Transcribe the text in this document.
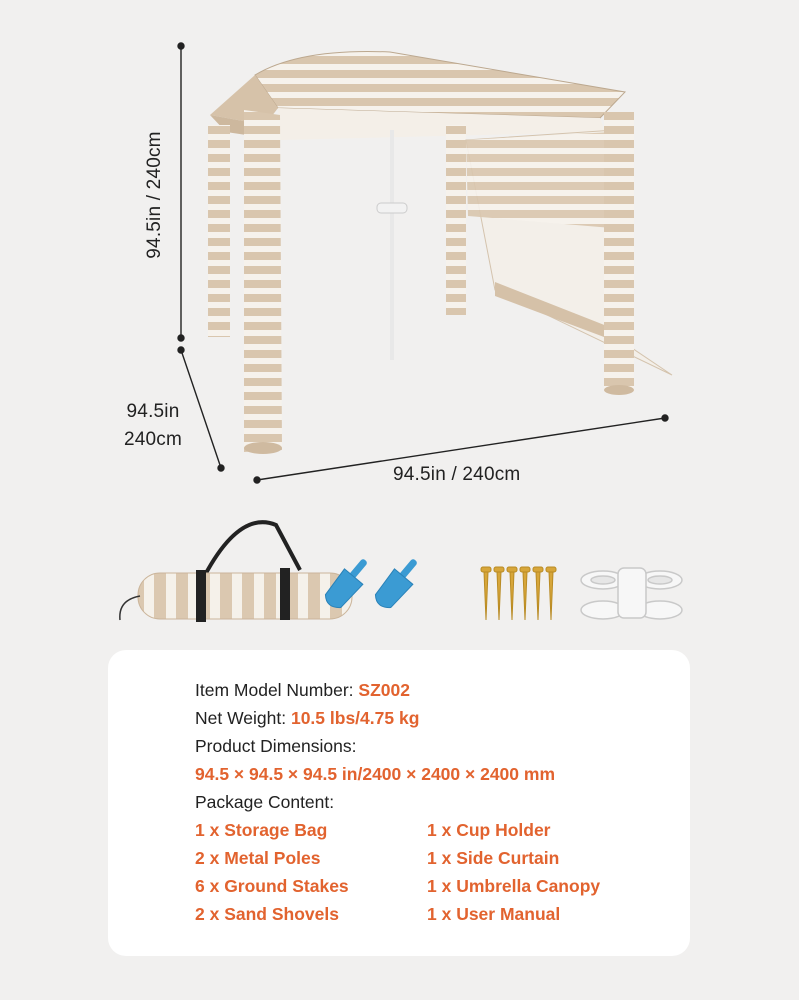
94.5in / 240cm
94.5in
240cm
94.5in / 240cm
Item Model Number: SZ002
Net Weight: 10.5 lbs/4.75 kg
Product Dimensions:
94.5 × 94.5 × 94.5 in/2400 × 2400 × 2400 mm
Package Content:
1 x Storage Bag
2 x Metal Poles
6 x Ground Stakes
2 x Sand Shovels
1 x Cup Holder
1 x Side Curtain
1 x Umbrella Canopy
1 x User Manual
